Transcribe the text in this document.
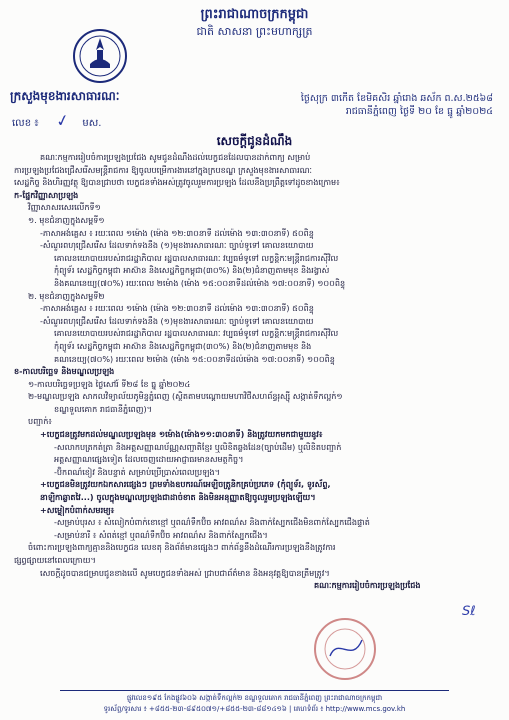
ព្រះរាជាណាចក្រកម្ពុជា
ជាតិ សាសនា ព្រះមហាក្សត្រ
ក្រសួងមុខងារសាធារណៈ	ថ្ងៃ​សុក្រ ៣កើត ខែមិគសិរ ឆ្នាំរោង ឆស័ក ព.ស.២៥៦៨
រាជធានីភ្នំពេញ ថ្ងៃទី ២០ ខែ ធ្នូ ឆ្នាំ២០២៤
លេខ ៖ ✓ មស.
សេចក្ដីជូនដំណឹង

គណៈកម្មការរៀបចំការប្រឡងប្រជែង សូមជូនដំណឹងដល់បេក្ខជនដែលបានដាក់ពាក្យ សម្រាប់

ការប្រឡងប្រជែងជ្រើសរើសមន្ត្រីរាជការ ឱ្យចូលបម្រើការងារនៅក្នុងក្របខណ្ឌ ក្រសួងមុខងារសាធារណៈ

សេដ្ឋកិច្ច និងហិរញ្ញវត្ថុ ឱ្យបានជ្រាបថា បេក្ខជនទាំងអស់ត្រូវចូលរួមការប្រឡង ដែលនឹងប្រព្រឹត្តទៅដូចខាងក្រោម៖

ក-ផ្នែកវិញ្ញាសាប្រឡង

វិញ្ញាសាសរសេរលើកទី១

១. មុខជំនាញក្នុងសម្ពទី១

-ភាសាអង់គ្លេស ៖ រយៈពេល ១ម៉ោង (ម៉ោង ១២:៣០នាទី ដល់ម៉ោង ១៣:៣០នាទី) ៥០ពិន្ទុ

-សំណួរពហុជ្រើសរើស ដែលទាក់ទងនឹង (១)មុខងារសាធារណៈ ច្បាប់ទូទៅ គោលនយោបាយ

គោលនយោបាយរបស់រាជរដ្ឋាភិបាល រដ្ឋបាលសាធារណៈ វប្បធម៌ទូទៅ លក្ខន្តិកៈមន្ត្រីរាជការស៊ីវិល

កុំព្យូទ័រ សេដ្ឋកិច្ចកម្ពុជា អាស៊ាន និងសេដ្ឋកិច្ចកម្ពុជា(៣០%) និង(២)ជំនាញតាមមុខ និងរង្វាស់

និងគណនេយ្យ(៧០%) រយៈពេល ២ម៉ោង (ម៉ោង ១៥:០០នាទីដល់ម៉ោង ១៧:០០នាទី) ១០០ពិន្ទុ

២. មុខជំនាញក្នុងសម្ពទី២

-ភាសាអង់គ្លេស ៖ រយៈពេល ១ម៉ោង (ម៉ោង ១២:៣០នាទី ដល់ម៉ោង ១៣:៣០នាទី) ៥០ពិន្ទុ

-សំណួរពហុជ្រើសរើស ដែលទាក់ទងនឹង (១)មុខងារសាធារណៈ ច្បាប់ទូទៅ គោលនយោបាយ

គោលនយោបាយរបស់រាជរដ្ឋាភិបាល រដ្ឋបាលសាធារណៈ វប្បធម៌ទូទៅ លក្ខន្តិកៈមន្ត្រីរាជការស៊ីវិល

កុំព្យូទ័រ សេដ្ឋកិច្ចកម្ពុជា អាស៊ាន និងសេដ្ឋកិច្ចកម្ពុជា(៣០%) និង(២)ជំនាញតាមមុខ និង

គណនេយ្យ(៧០%) រយៈពេល ២ម៉ោង (ម៉ោង ១៥:០០នាទីដល់ម៉ោង ១៧:០០នាទី) ១០០ពិន្ទុ

ខ-កាលបរិច្ឆេទ និងមណ្ឌលប្រឡង

១-កាលបរិច្ឆេទប្រឡង ថ្ងៃសៅរ៍ ទី២៨ ខែ ធ្នូ ឆ្នាំ២០២៤

២-មណ្ឌលប្រឡង សាកលវិទ្យាល័យភូមិន្ទភ្នំពេញ (ស្ថិតតាមបណ្ដោយមហាវិថីសហព័ន្ធរុស្ស៊ី សង្កាត់ទឹកល្អក់១

ខណ្ឌទួលគោក រាជធានីភ្នំពេញ)។

បញ្ជាក់៖

+បេក្ខជនត្រូវមកដល់មណ្ឌលប្រឡងមុន ១ម៉ោង(ម៉ោង១១:៣០នាទី) និងត្រូវយកមកជាមួយនូវ៖

-សលាកបត្រកត់ត្រា និងអត្តសញ្ញាណប័ណ្ណសញ្ជាតិខ្មែរ ឬលិខិតឆ្លងដែន(ច្បាប់ដើម) ឬលិខិតបញ្ជាក់

អត្តសញ្ញាណផ្សេងទៀត ដែលចេញដោយអាជ្ញាធរមានសមត្ថកិច្ច។

-ប៊ិកពណ៌ខៀវ និងបន្ទាត់ សម្រាប់ប្រើប្រាស់ពេលប្រឡង។

+បេក្ខជនមិនត្រូវយកឯកសារផ្សេងៗ ព្រមទាំងឧបករណ៍អេឡិចត្រូនិកគ្រប់ប្រភេទ (កុំព្យូទ័រ, ទូរស័ព្ទ,

នាឡិកាឆ្លាតវៃ...) ចូលក្នុងមណ្ឌលប្រឡងជាដាច់ខាត និងមិនអនុញ្ញាតឱ្យចូលរួមប្រឡងឡើយ។

+សម្លៀកបំពាក់សមរម្យ៖

-សម្រាប់បុរស ៖ សំលៀកបំពាក់ខោខ្មៅ ឬពណ៌ទឹកប៊ិច អាវពណ៌ស និងពាក់ស្បែកជើងមិនពាក់ស្បែកជើងផ្ទាត់

-សម្រាប់នារី ៖ សំពត់ខ្មៅ ឬពណ៌ទឹកប៊ិច អាវពណ៌ស និងពាក់ស្បែកជើង។

ចំពោះការប្រឡងពាក្យគ្មាននិងបេក្ខជន លេខតុ និងព័ត៌មានផ្សេងៗ ពាក់ព័ន្ធនឹងដំណើរការប្រឡងនឹងត្រូវការ

ផ្សព្វផ្សាយនៅពេលក្រោយ។

សេចក្ដីដូចបានជម្រាបជូនខាងលើ សូមបេក្ខជនទាំងអស់ ជ្រាបជាព័ត៌មាន និងអនុវត្តឱ្យបានត្រឹមត្រូវ។

គណៈកម្មការរៀបចំការប្រឡងប្រជែង

ꓢℓ
ផ្លូវលេខ១៩៥ កែងផ្លូវ៦០៦ សង្កាត់ទឹកល្អក់២ ខណ្ឌទួលគោក រាជធានីភ្នំពេញ ព្រះរាជាណាចក្រកម្ពុជា
ទូរស័ព្ទ/ទូរសារ ៖ +៨៥៥-២៣-៨៩៥០៧១/+៨៥៥-២៣-៨៨១៤១៦ | គេហទំព័រ ៖ http://www.mcs.gov.kh
